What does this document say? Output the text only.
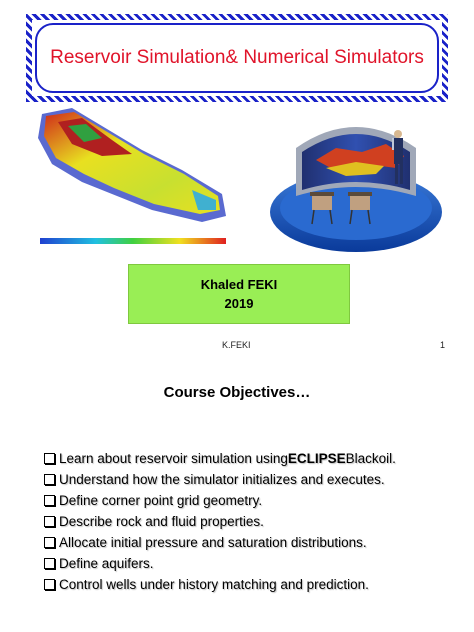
Reservoir Simulation& Numerical Simulators
Khaled FEKI
2019
K.FEKI	1
Course Objectives…
Learn about reservoir simulation using ECLIPSE Blackoil.
Understand how the simulator initializes and executes.
Define corner point grid geometry.
Describe rock and fluid properties.
Allocate initial pressure and saturation distributions.
Define aquifers.
Control wells under history matching and prediction.
